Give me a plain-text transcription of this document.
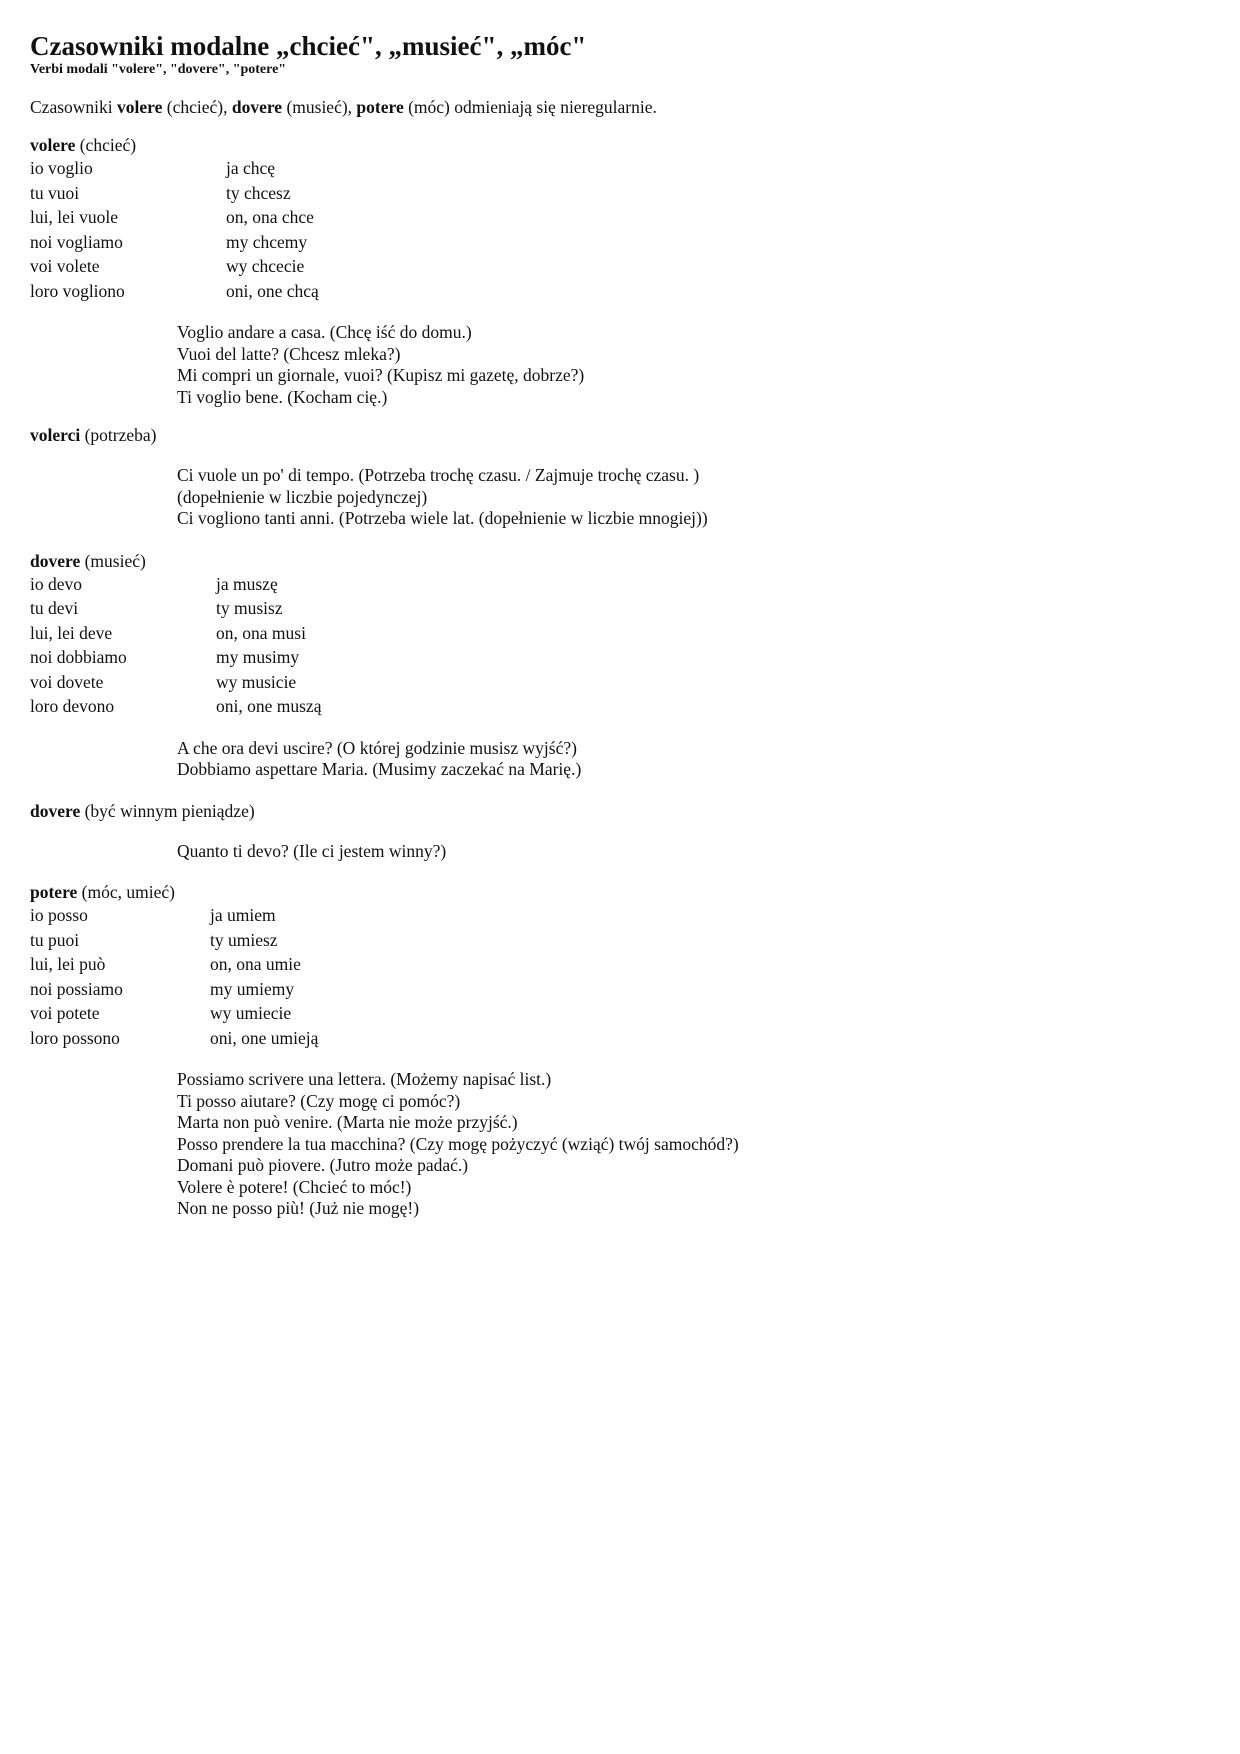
Czasowniki modalne „chcieć", „musieć", „móc"
Verbi modali "volere", "dovere", "potere"
Czasowniki volere (chcieć), dovere (musieć), potere (móc) odmieniają się nieregularnie.
volere (chcieć)
io voglio	ja chcę
tu vuoi	ty chcesz
lui, lei vuole	on, ona chce
noi vogliamo	my chcemy
voi volete	wy chcecie
loro vogliono	oni, one chcą
Voglio andare a casa. (Chcę iść do domu.)
Vuoi del latte? (Chcesz mleka?)
Mi compri un giornale, vuoi? (Kupisz mi gazetę, dobrze?)
Ti voglio bene. (Kocham cię.)
volerci (potrzeba)
Ci vuole un po' di tempo. (Potrzeba trochę czasu. / Zajmuje trochę czasu. )
(dopełnienie w liczbie pojedynczej)
Ci vogliono tanti anni. (Potrzeba wiele lat. (dopełnienie w liczbie mnogiej))
dovere (musieć)
io devo	ja muszę
tu devi	ty musisz
lui, lei deve	on, ona musi
noi dobbiamo	my musimy
voi dovete	wy musicie
loro devono	oni, one muszą
A che ora devi uscire? (O której godzinie musisz wyjść?)
Dobbiamo aspettare Maria. (Musimy zaczekać na Marię.)
dovere (być winnym pieniądze)
Quanto ti devo? (Ile ci jestem winny?)
potere (móc, umieć)
io posso	ja umiem
tu puoi	ty umiesz
lui, lei può	on, ona umie
noi possiamo	my umiemy
voi potete	wy umiecie
loro possono	oni, one umieją
Possiamo scrivere una lettera. (Możemy napisać list.)
Ti posso aiutare? (Czy mogę ci pomóc?)
Marta non può venire. (Marta nie może przyjść.)
Posso prendere la tua macchina? (Czy mogę pożyczyć (wziąć) twój samochód?)
Domani può piovere. (Jutro może padać.)
Volere è potere! (Chcieć to móc!)
Non ne posso più! (Już nie mogę!)
